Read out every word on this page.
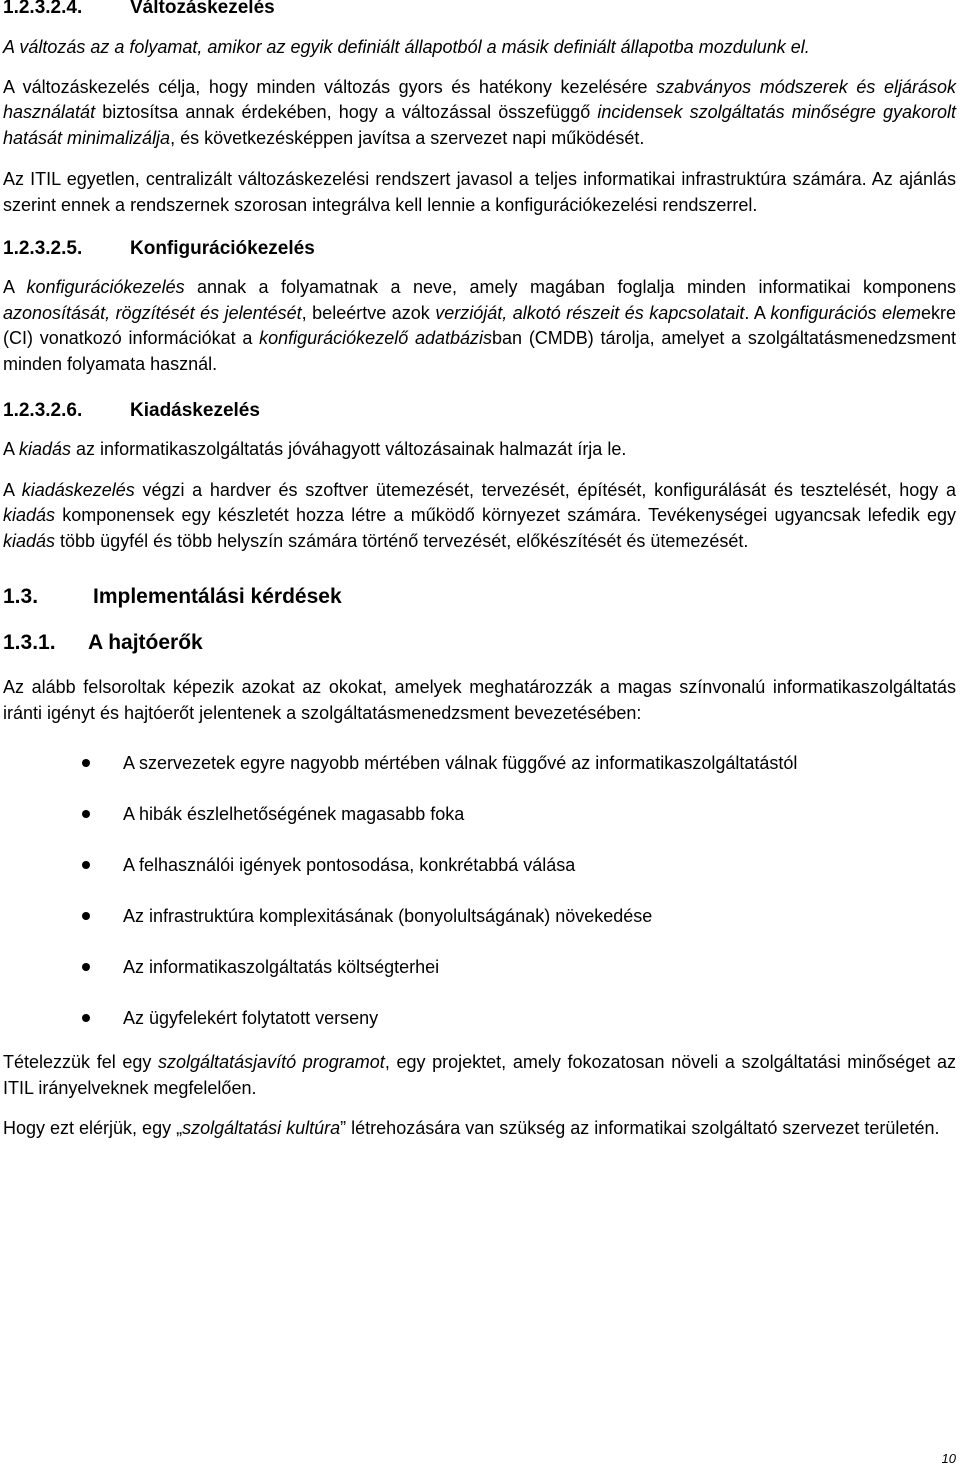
1.2.3.2.4.	Változáskezelés

A változás az a folyamat, amikor az egyik definiált állapotból a másik definiált állapotba mozdulunk el.

A változáskezelés célja, hogy minden változás gyors és hatékony kezelésére szabványos módszerek és eljárások használatát biztosítsa annak érdekében, hogy a változással összefüggő incidensek szolgáltatás minőségre gyakorolt hatását minimalizálja, és következésképpen javítsa a szervezet napi működését.

Az ITIL egyetlen, centralizált változáskezelési rendszert javasol a teljes informatikai infrastruktúra számára. Az ajánlás szerint ennek a rendszernek szorosan integrálva kell lennie a konfigurációkezelési rendszerrel.

1.2.3.2.5.	Konfigurációkezelés

A konfigurációkezelés annak a folyamatnak a neve, amely magában foglalja minden informatikai komponens azonosítását, rögzítését és jelentését, beleértve azok verzióját, alkotó részeit és kapcsolatait. A konfigurációs elemekre (CI) vonatkozó információkat a konfigurációkezelő adatbázisban (CMDB) tárolja, amelyet a szolgáltatásmenedzsment minden folyamata használ.

1.2.3.2.6.	Kiadáskezelés

A kiadás az informatikaszolgáltatás jóváhagyott változásainak halmazát írja le.

A kiadáskezelés végzi a hardver és szoftver ütemezését, tervezését, építését, konfigurálását és tesztelését, hogy a kiadás komponensek egy készletét hozza létre a működő környezet számára. Tevékenységei ugyancsak lefedik egy kiadás több ügyfél és több helyszín számára történő tervezését, előkészítését és ütemezését.

1.3.	Implementálási kérdések
1.3.1. A hajtóerők

Az alább felsoroltak képezik azokat az okokat, amelyek meghatározzák a magas színvonalú informatikaszolgáltatás iránti igényt és hajtóerőt jelentenek a szolgáltatásmenedzsment bevezetésében:

A szervezetek egyre nagyobb mértében válnak függővé az informatikaszolgáltatástól
A hibák észlelhetőségének magasabb foka
A felhasználói igények pontosodása, konkrétabbá válása
Az infrastruktúra komplexitásának (bonyolultságának) növekedése
Az informatikaszolgáltatás költségterhei
Az ügyfelekért folytatott verseny

Tételezzük fel egy szolgáltatásjavító programot, egy projektet, amely fokozatosan növeli a szolgáltatási minőséget az ITIL irányelveknek megfelelően.

Hogy ezt elérjük, egy „szolgáltatási kultúra” létrehozására van szükség az informatikai szolgáltató szervezet területén.

10
